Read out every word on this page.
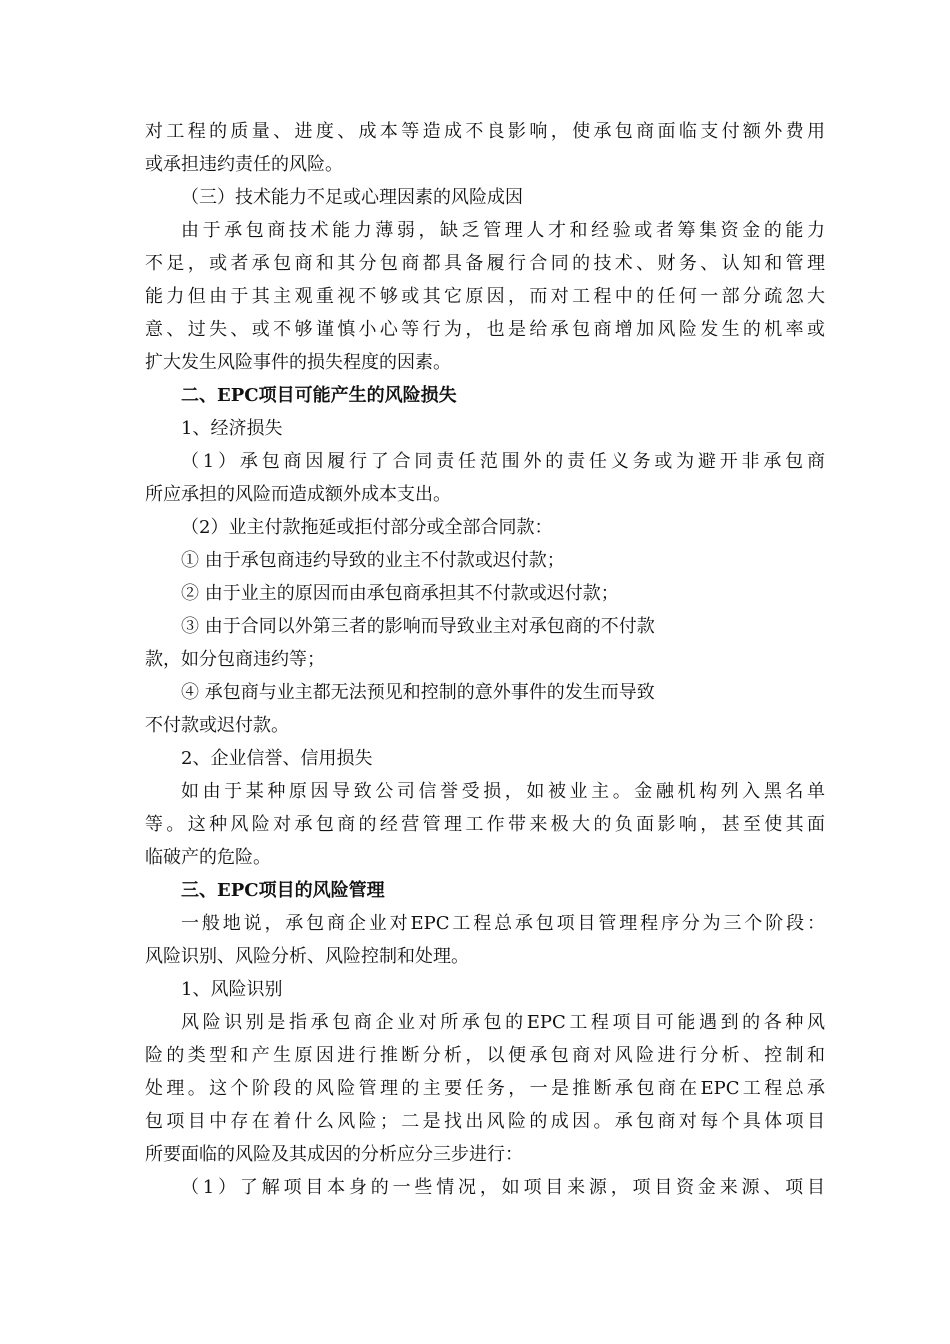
对工程的质量、进度、成本等造成不良影响，使承包商面临支付额外费用
或承担违约责任的风险。
（三）技术能力不足或心理因素的风险成因
由于承包商技术能力薄弱，缺乏管理人才和经验或者筹集资金的能力
不足，或者承包商和其分包商都具备履行合同的技术、财务、认知和管理
能力但由于其主观重视不够或其它原因，而对工程中的任何一部分疏忽大
意、过失、或不够谨慎小心等行为，也是给承包商增加风险发生的机率或
扩大发生风险事件的损失程度的因素。
二、EPC项目可能产生的风险损失
1、经济损失
（1）承包商因履行了合同责任范围外的责任义务或为避开非承包商
所应承担的风险而造成额外成本支出。
（2）业主付款拖延或拒付部分或全部合同款：
① 由于承包商违约导致的业主不付款或迟付款；
② 由于业主的原因而由承包商承担其不付款或迟付款；
③ 由于合同以外第三者的影响而导致业主对承包商的不付款
款，如分包商违约等；
④ 承包商与业主都无法预见和控制的意外事件的发生而导致
不付款或迟付款。
2、企业信誉、信用损失
如由于某种原因导致公司信誉受损，如被业主。金融机构列入黑名单
等。这种风险对承包商的经营管理工作带来极大的负面影响，甚至使其面
临破产的危险。
三、EPC项目的风险管理
一般地说，承包商企业对EPC工程总承包项目管理程序分为三个阶段：
风险识别、风险分析、风险控制和处理。
1、风险识别
风险识别是指承包商企业对所承包的EPC工程项目可能遇到的各种风
险的类型和产生原因进行推断分析，以便承包商对风险进行分析、控制和
处理。这个阶段的风险管理的主要任务，一是推断承包商在EPC工程总承
包项目中存在着什么风险；二是找出风险的成因。承包商对每个具体项目
所要面临的风险及其成因的分析应分三步进行：
（1）了解项目本身的一些情况，如项目来源，项目资金来源、项目
